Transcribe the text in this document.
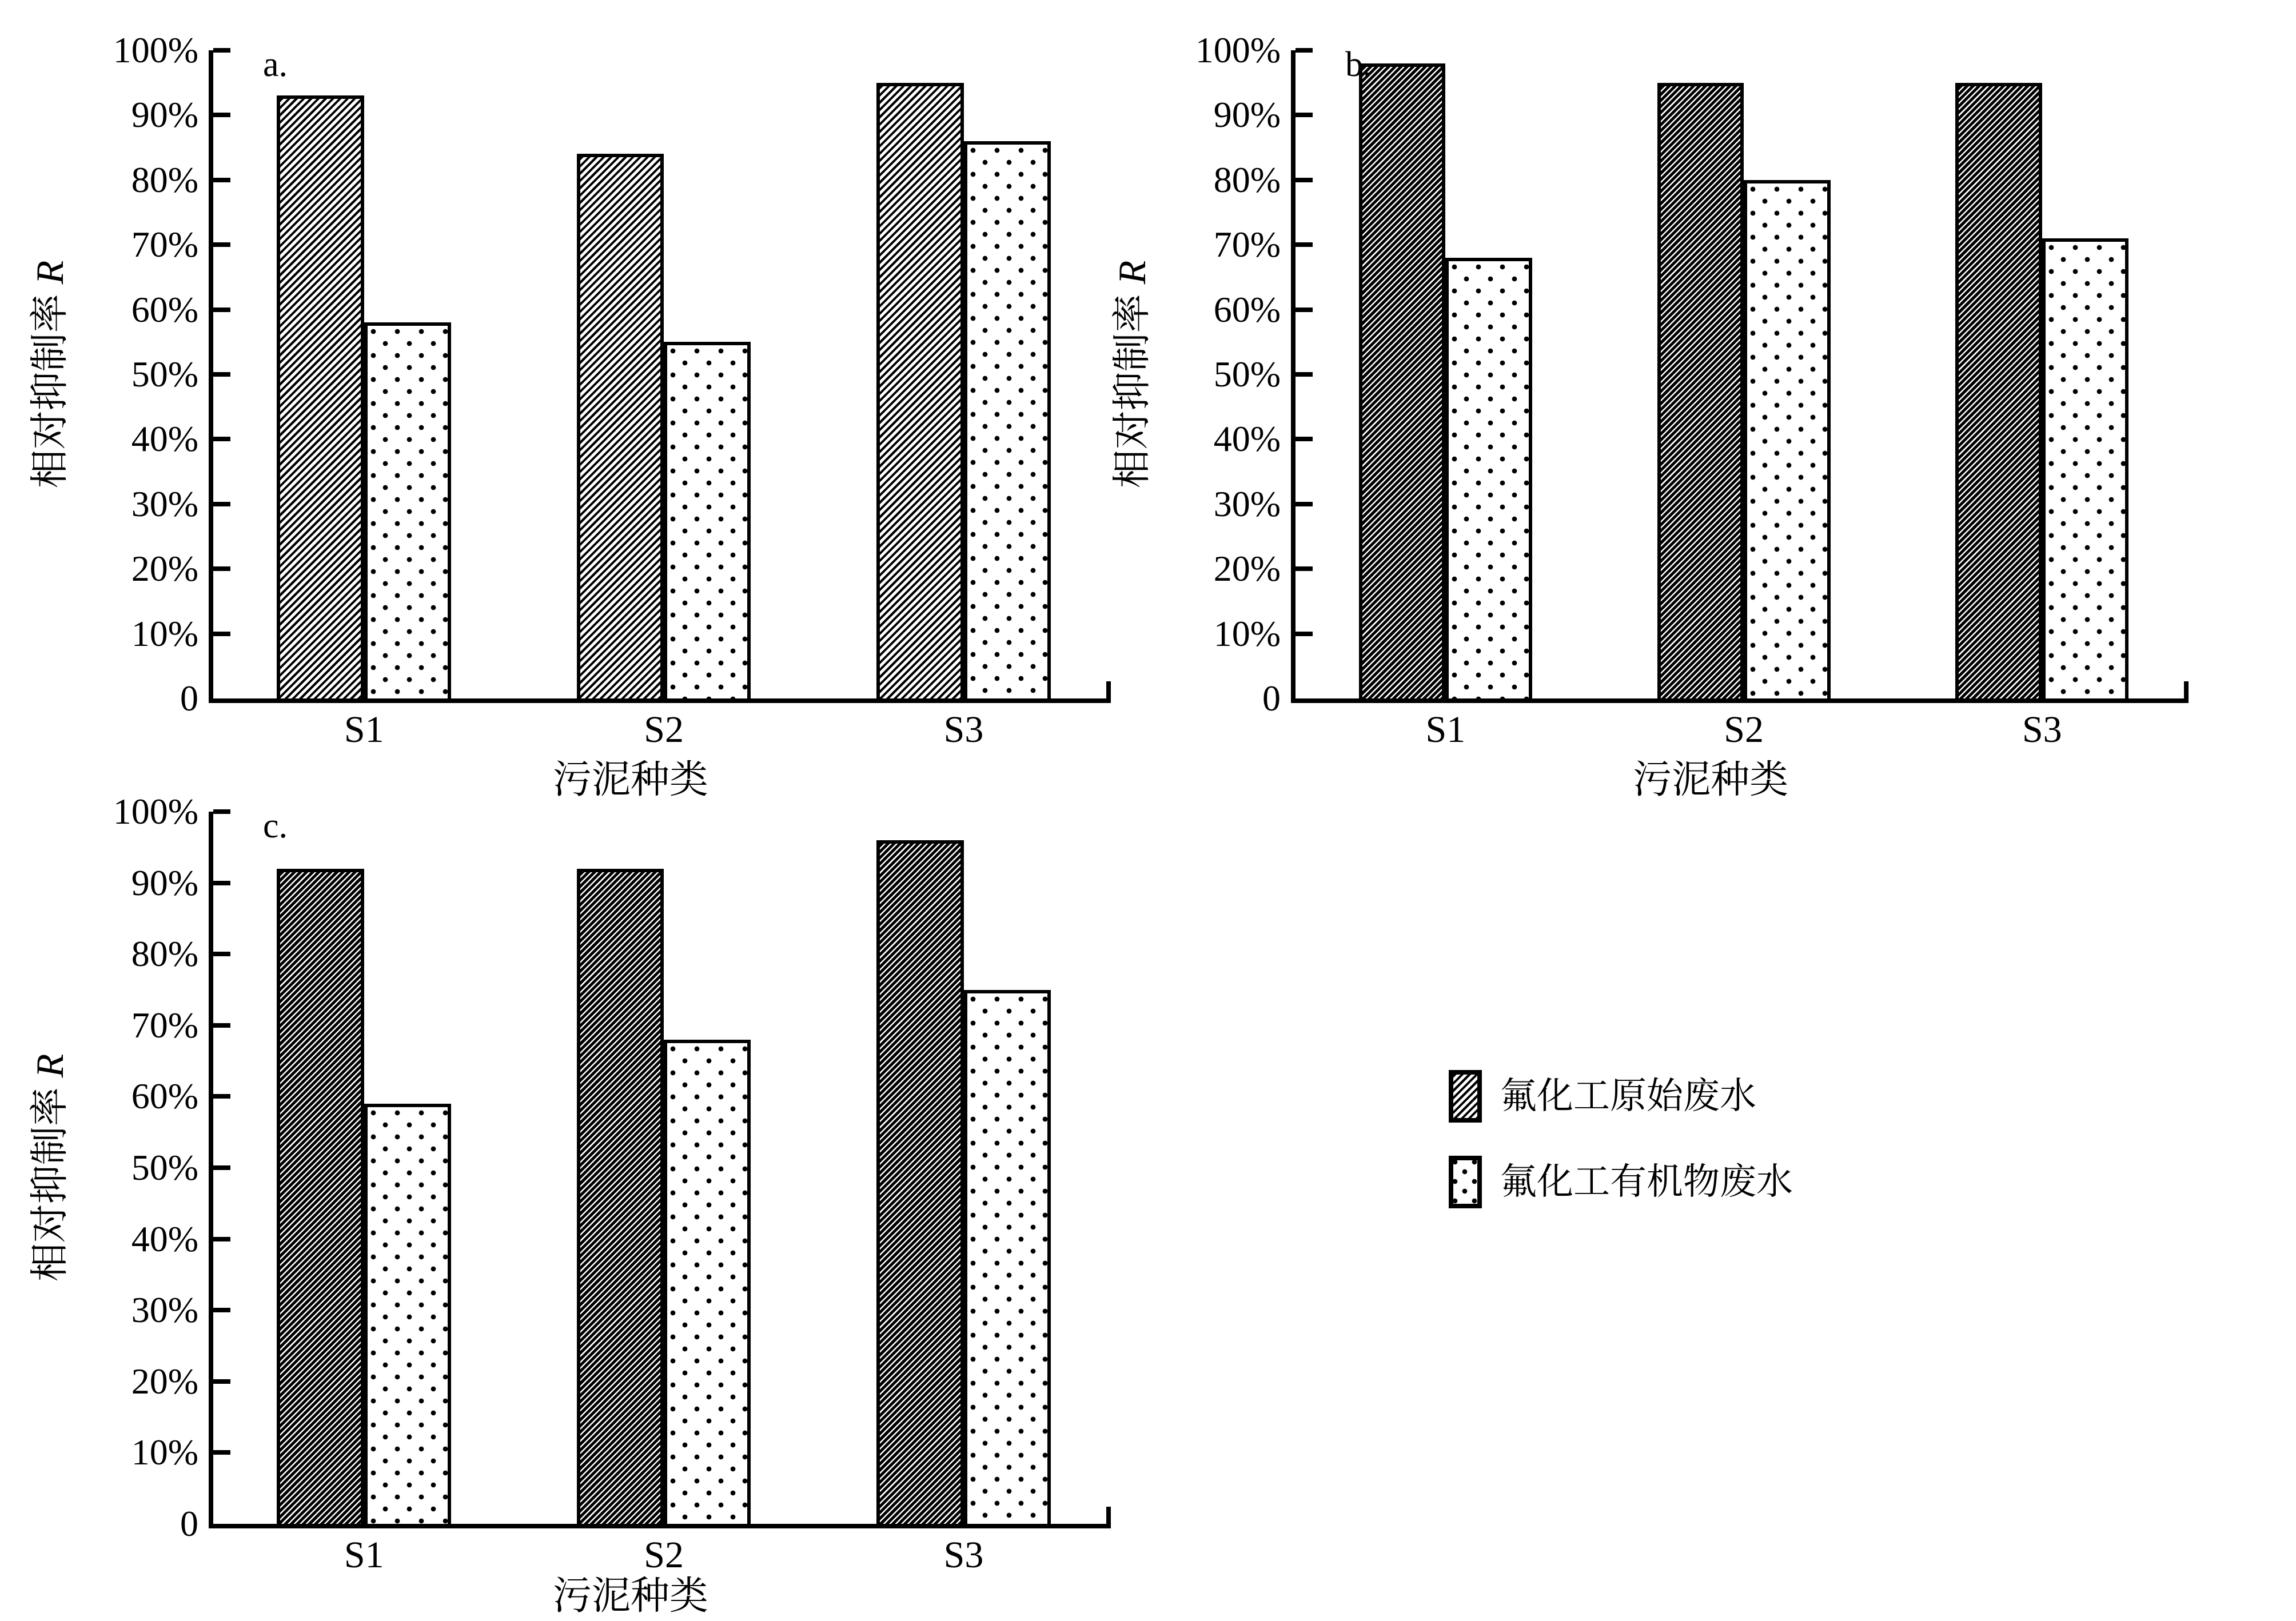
0
10%
20%
30%
40%
50%
60%
70%
80%
90%
100%
S1	S2	S3
a.
相对抑制率 R
污泥种类
0
10%
20%
30%
40%
50%
60%
70%
80%
90%
100%
S1	S2	S3
b.
相对抑制率 R
污泥种类
0
10%
20%
30%
40%
50%
60%
70%
80%
90%
100%
S1	S2	S3
c.
相对抑制率 R
污泥种类
氟化工原始废水
氟化工有机物废水
